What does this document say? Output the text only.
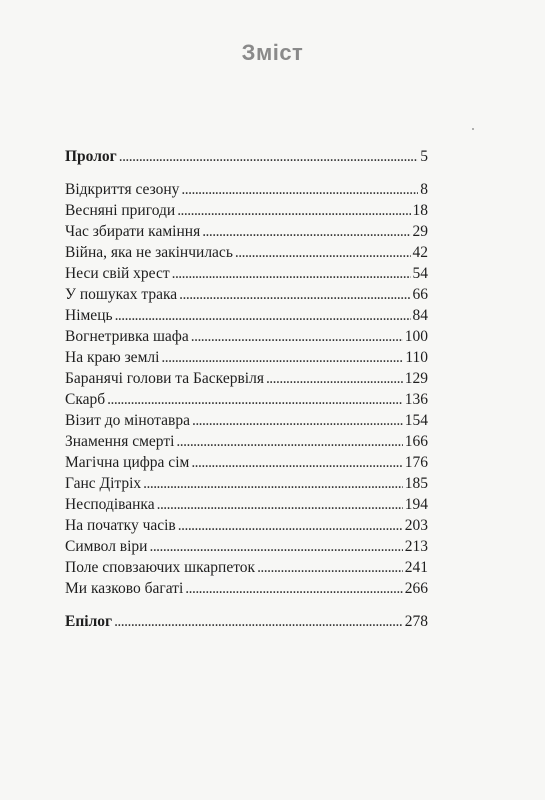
Зміст
Пролог . . .	5
Відкриття сезону . . .	8
Весняні пригоди . . .	18
Час збирати каміння . . .	29
Війна, яка не закінчилась . . .	42
Неси свій хрест . . .	54
У пошуках трака . . .	66
Німець . . .	84
Вогнетривка шафа . . .	100
На краю землі . . .	110
Баранячі голови та Баскервіля . . .	129
Скарб . . .	136
Візит до мінотавра . . .	154
Знамення смерті . . .	166
Магічна цифра сім . . .	176
Ганс Дітріх . . .	185
Несподіванка . . .	194
На початку часів . . .	203
Символ віри . . .	213
Поле сповзаючих шкарпеток . . .	241
Ми казково багаті . . .	266
Епілог . . .	278
